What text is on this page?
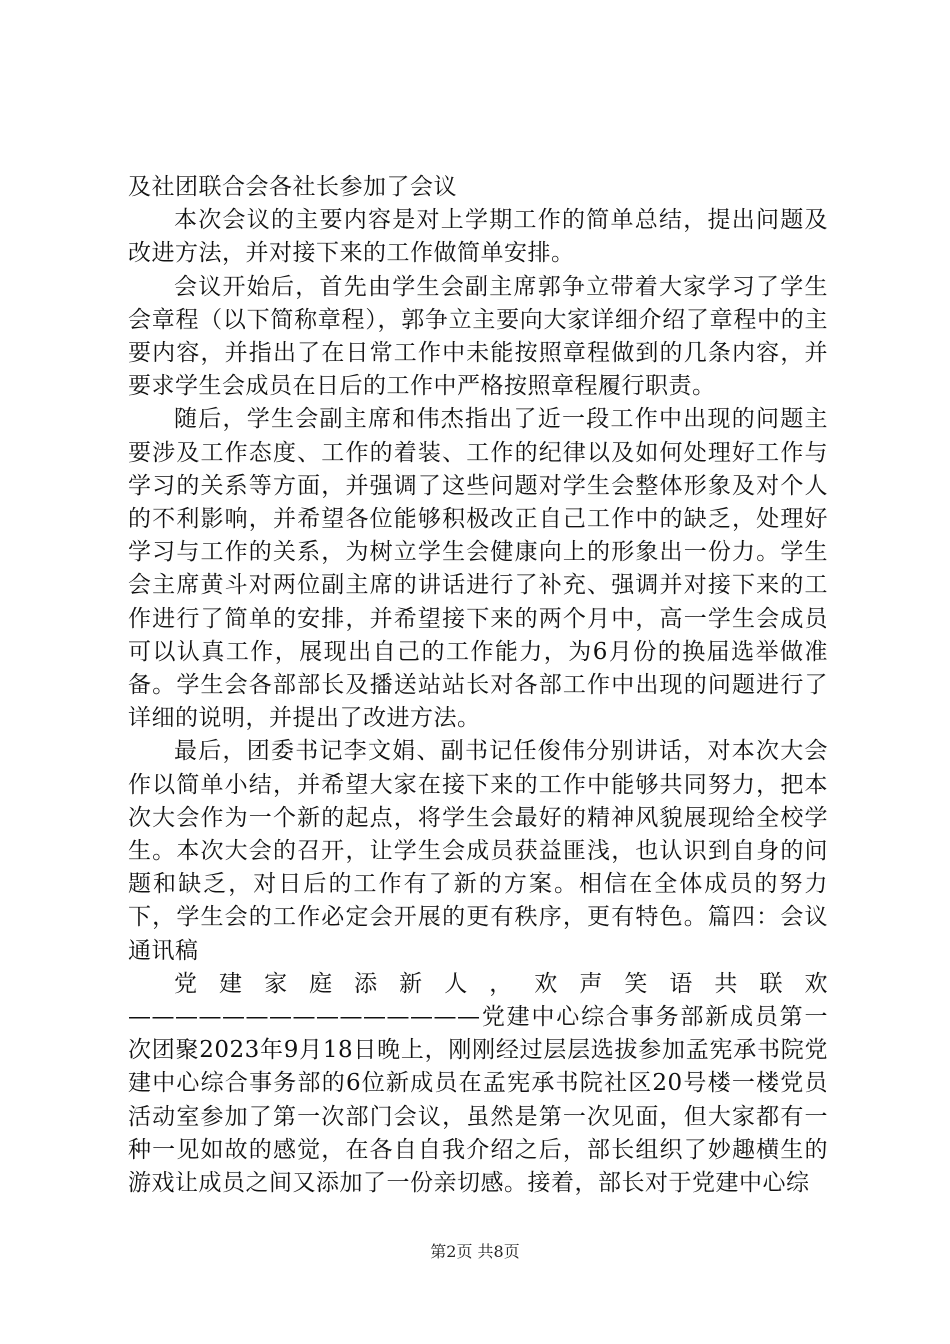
及社团联合会各社长参加了会议

本次会议的主要内容是对上学期工作的简单总结，提出问题及改进方法，并对接下来的工作做简单安排。

会议开始后，首先由学生会副主席郭争立带着大家学习了学生会章程（以下简称章程），郭争立主要向大家详细介绍了章程中的主要内容，并指出了在日常工作中未能按照章程做到的几条内容，并要求学生会成员在日后的工作中严格按照章程履行职责。

随后，学生会副主席和伟杰指出了近一段工作中出现的问题主要涉及工作态度、工作的着装、工作的纪律以及如何处理好工作与学习的关系等方面，并强调了这些问题对学生会整体形象及对个人的不利影响，并希望各位能够积极改正自己工作中的缺乏，处理好学习与工作的关系，为树立学生会健康向上的形象出一份力。学生会主席黄斗对两位副主席的讲话进行了补充、强调并对接下来的工作进行了简单的安排，并希望接下来的两个月中，高一学生会成员可以认真工作，展现出自己的工作能力，为6月份的换届选举做准备。学生会各部部长及播送站站长对各部工作中出现的问题进行了详细的说明，并提出了改进方法。

最后，团委书记李文娟、副书记任俊伟分别讲话，对本次大会作以简单小结，并希望大家在接下来的工作中能够共同努力，把本次大会作为一个新的起点，将学生会最好的精神风貌展现给全校学生。本次大会的召开，让学生会成员获益匪浅，也认识到自身的问题和缺乏，对日后的工作有了新的方案。相信在全体成员的努力下，学生会的工作必定会开展的更有秩序，更有特色。篇四：会议通讯稿

党建家庭添新人，欢声笑语共联欢———————————————党建中心综合事务部新成员第一次团聚2023年9月18日晚上，刚刚经过层层选拔参加孟宪承书院党建中心综合事务部的6位新成员在孟宪承书院社区20号楼一楼党员活动室参加了第一次部门会议，虽然是第一次见面，但大家都有一种一见如故的感觉，在各自自我介绍之后，部长组织了妙趣横生的游戏让成员之间又添加了一份亲切感。接着，部长对于党建中心综

第2页 共8页
